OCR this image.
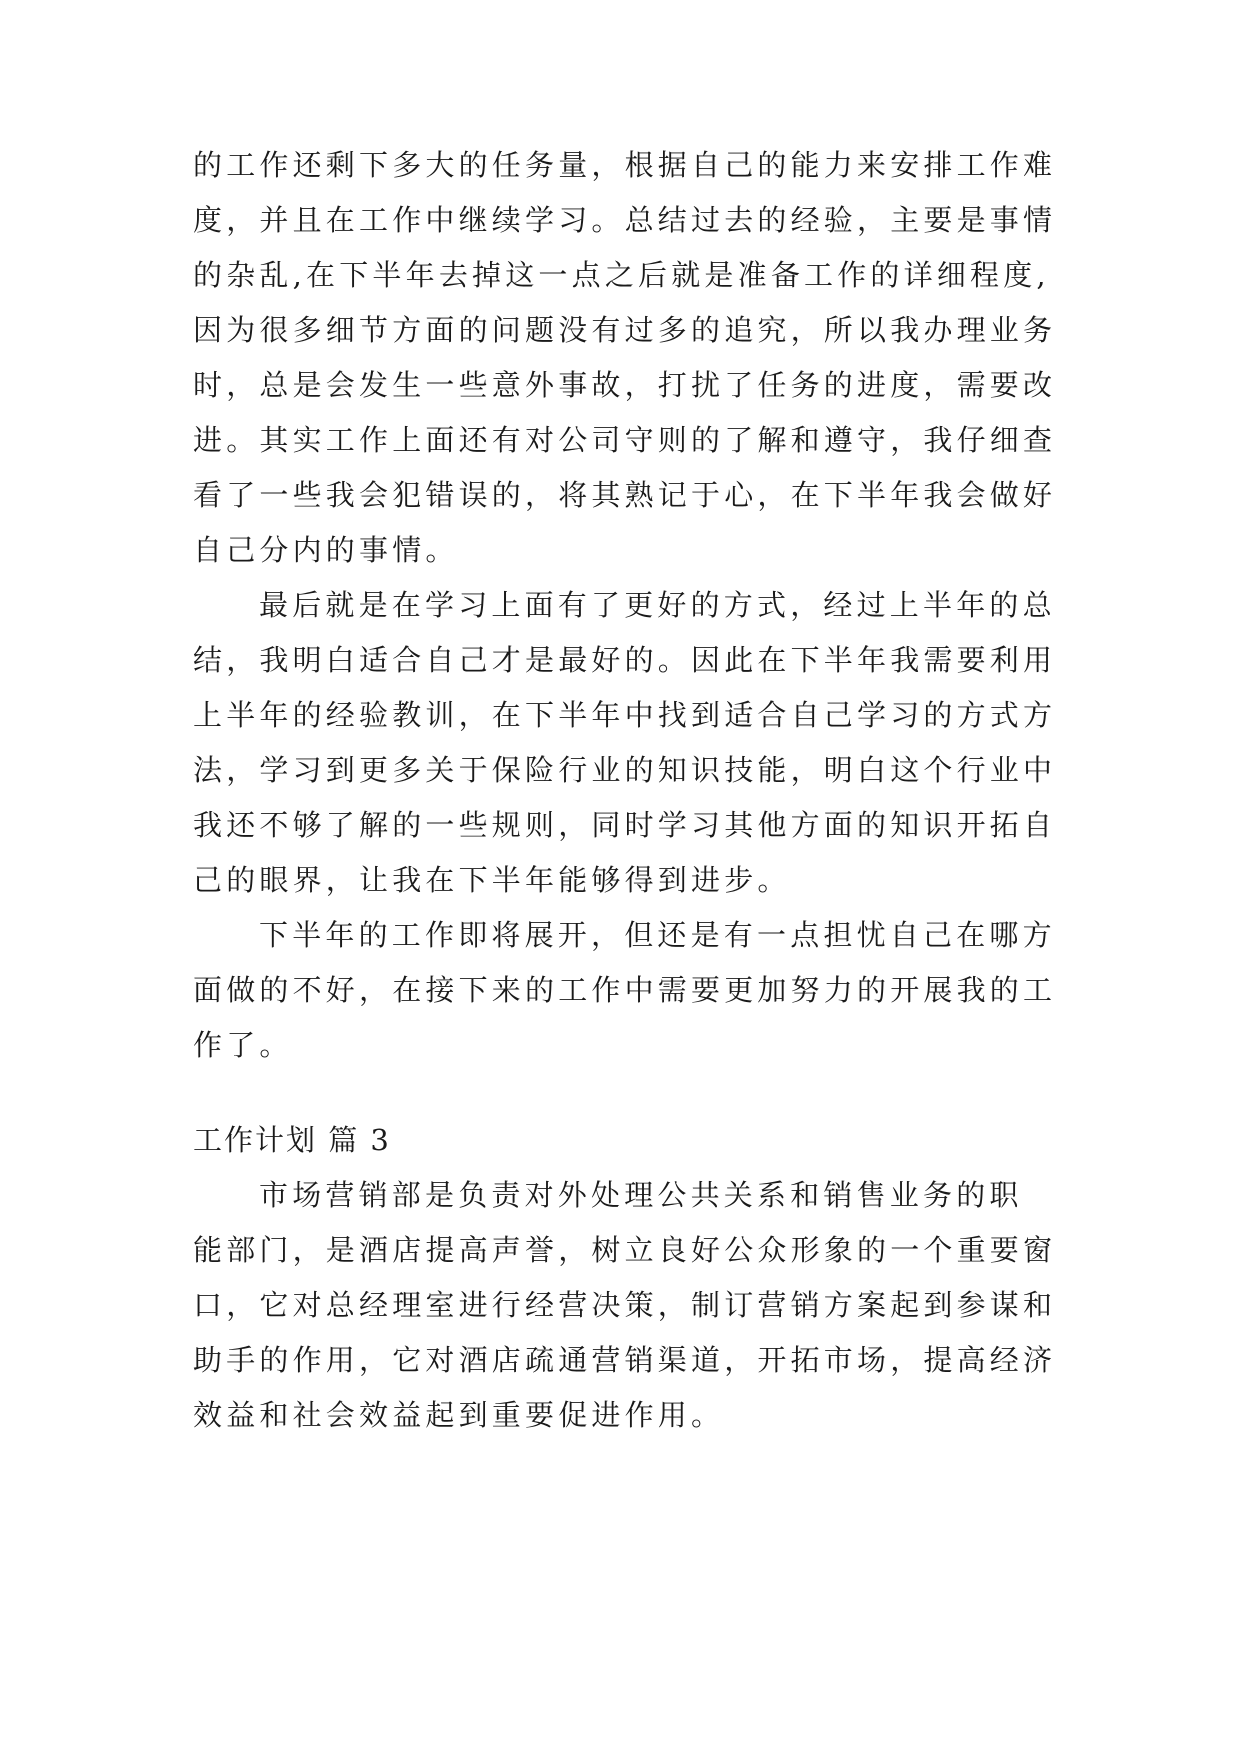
的工作还剩下多大的任务量，根据自己的能力来安排工作难
度，并且在工作中继续学习。总结过去的经验，主要是事情
的杂乱,在下半年去掉这一点之后就是准备工作的详细程度,
因为很多细节方面的问题没有过多的追究，所以我办理业务
时，总是会发生一些意外事故，打扰了任务的进度，需要改
进。其实工作上面还有对公司守则的了解和遵守，我仔细查
看了一些我会犯错误的，将其熟记于心，在下半年我会做好
自己分内的事情。
最后就是在学习上面有了更好的方式，经过上半年的总
结，我明白适合自己才是最好的。因此在下半年我需要利用
上半年的经验教训，在下半年中找到适合自己学习的方式方
法，学习到更多关于保险行业的知识技能，明白这个行业中
我还不够了解的一些规则，同时学习其他方面的知识开拓自
己的眼界，让我在下半年能够得到进步。
下半年的工作即将展开，但还是有一点担忧自己在哪方
面做的不好，在接下来的工作中需要更加努力的开展我的工
作了。
工作计划 篇 3
市场营销部是负责对外处理公共关系和销售业务的职
能部门，是酒店提高声誉，树立良好公众形象的一个重要窗
口，它对总经理室进行经营决策，制订营销方案起到参谋和
助手的作用，它对酒店疏通营销渠道，开拓市场，提高经济
效益和社会效益起到重要促进作用。
